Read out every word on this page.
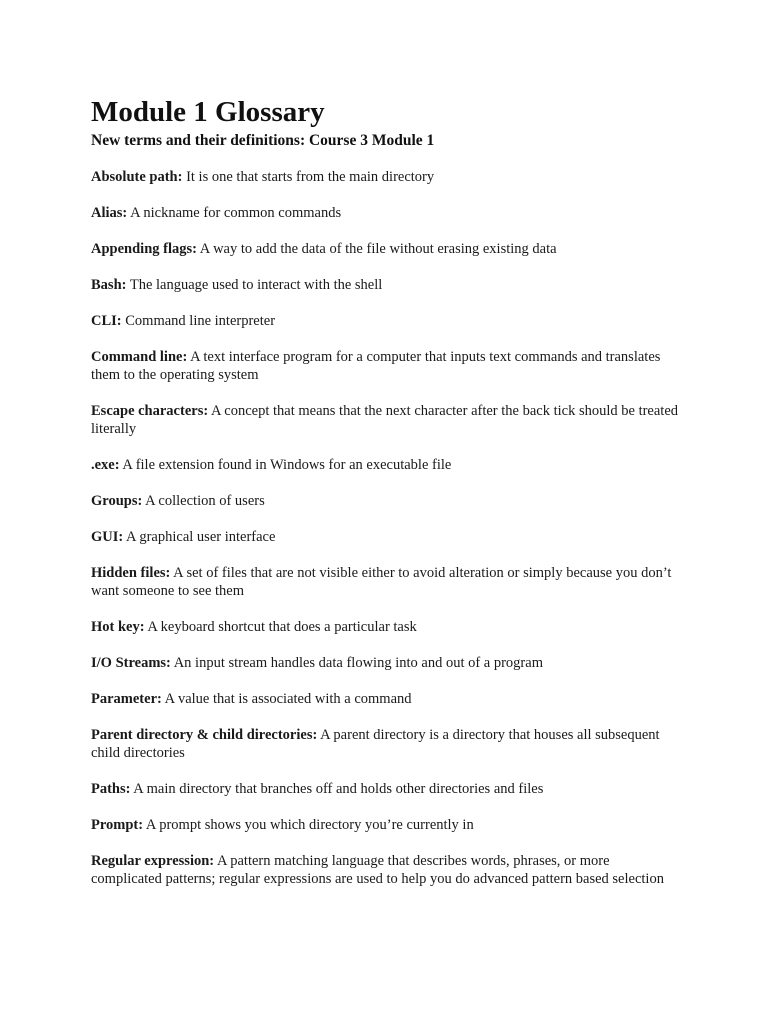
Module 1 Glossary
New terms and their definitions: Course 3 Module 1

Absolute path: It is one that starts from the main directory

Alias: A nickname for common commands

Appending flags: A way to add the data of the file without erasing existing data

Bash: The language used to interact with the shell

CLI: Command line interpreter

Command line: A text interface program for a computer that inputs text commands and translates them to the operating system

Escape characters: A concept that means that the next character after the back tick should be treated literally

.exe: A file extension found in Windows for an executable file

Groups: A collection of users

GUI: A graphical user interface

Hidden files: A set of files that are not visible either to avoid alteration or simply because you don’t want someone to see them

Hot key: A keyboard shortcut that does a particular task

I/O Streams: An input stream handles data flowing into and out of a program

Parameter: A value that is associated with a command

Parent directory & child directories: A parent directory is a directory that houses all subsequent child directories

Paths: A main directory that branches off and holds other directories and files

Prompt: A prompt shows you which directory you’re currently in

Regular expression: A pattern matching language that describes words, phrases, or more complicated patterns; regular expressions are used to help you do advanced pattern based selection
